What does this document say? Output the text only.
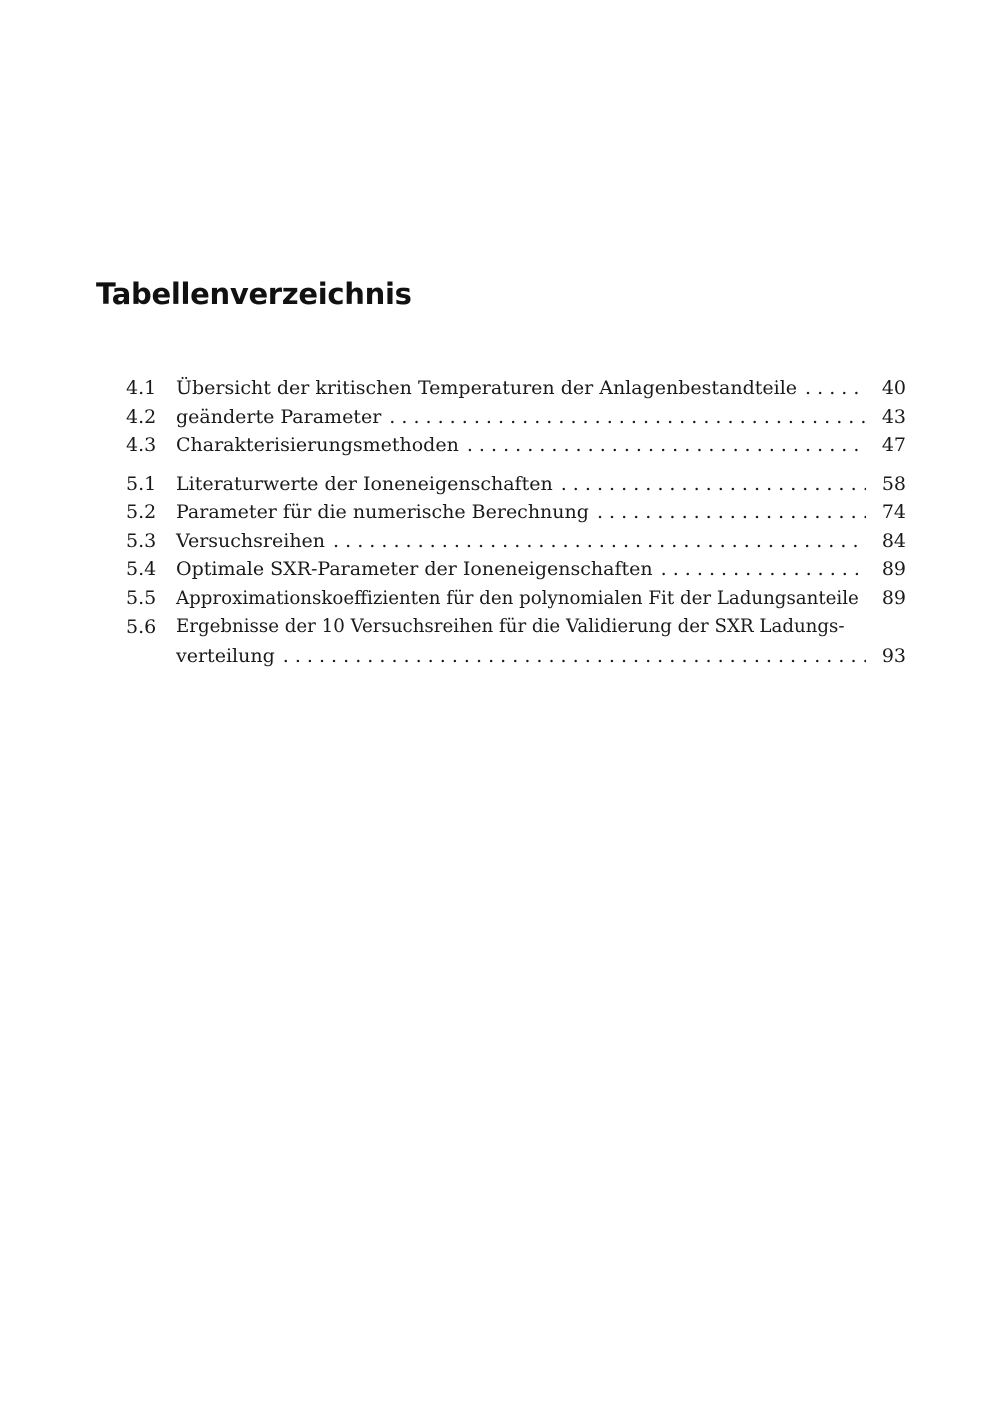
Tabellenverzeichnis
4.1	Übersicht der kritischen Temperaturen der Anlagenbestandteile . . .	40
4.2	geänderte Parameter . . .	43
4.3	Charakterisierungsmethoden . . .	47
5.1	Literaturwerte der Ioneneigenschaften . . .	58
5.2	Parameter für die numerische Berechnung . . .	74
5.3	Versuchsreihen . . .	84
5.4	Optimale SXR-Parameter der Ioneneigenschaften . . .	89
5.5	Approximationskoeffizienten für den polynomialen Fit der Ladungsanteile	89
5.6	Ergebnisse der 10 Versuchsreihen für die Validierung der SXR Ladungs-
verteilung . . .	93
